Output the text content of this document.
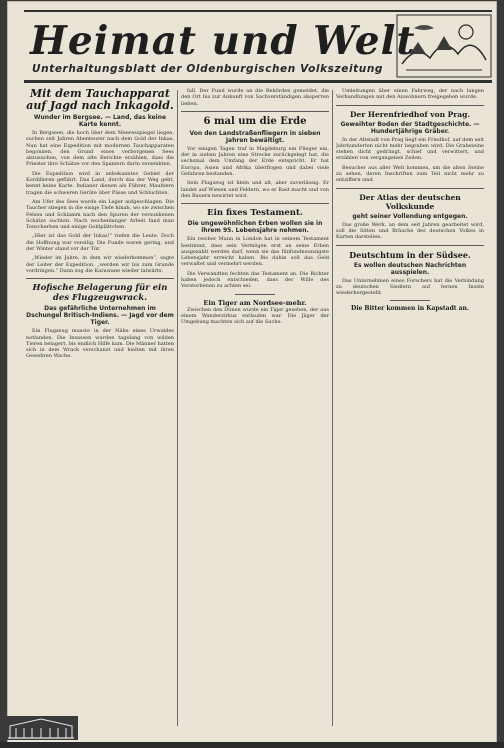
Heimat und Welt
Unterhaltungsblatt der Oldenburgischen Volkszeitung
Mit dem Tauchapparat auf Jagd nach Inkagold.
Wunder im Bergsee. — Land, das keine Karte kennt.

In Bergseen, die hoch über dem Meeresspiegel liegen, suchen seit Jahren Abenteurer nach dem Gold der Inkas. Nun hat eine Expedition mit modernen Tauchapparaten begonnen, den Grund eines verborgenen Sees abzusuchen, von dem alte Berichte erzählen, dass die Priester ihre Schätze vor den Spaniern darin versenkten.

Die Expedition wird in unbekanntes Gebiet der Kordilleren geführt. Das Land, durch das der Weg geht, kennt keine Karte. Indianer dienen als Führer, Maultiere tragen die schweren Geräte über Pässe und Schluchten.

Am Ufer des Sees wurde ein Lager aufgeschlagen. Die Taucher stiegen in die eisige Tiefe hinab, wo sie zwischen Felsen und Schlamm nach den Spuren der versunkenen Schätze suchten. Nach wochenlanger Arbeit fand man Tonscherben und einige Goldplättchen.

„Hier ist das Gold der Inkas!“ riefen die Leute. Doch die Hoffnung war voreilig. Die Funde waren gering, und der Winter stand vor der Tür.

„Wieder im Jahre, in dem wir wiederkommen“, sagte der Leiter der Expedition, „werden wir bis zum Grunde vordringen.“ Dann zog die Karawane wieder talwärts.

Hofische Belagerung für ein des Flugzeugwrack.
Das gefährliche Unternehmen im Dschungel Britisch-Indiens. — Jagd vor dem Tiger.

Ein Flugzeug musste in der Nähe eines Urwaldes notlanden. Die Insassen wurden tagelang von wilden Tieren belagert, bis endlich Hilfe kam. Die Männer hatten sich in dem Wrack verschanzt und hielten mit ihren Gewehren Wache.

fall. Der Fund wurde an die Behörden gemeldet, die den Ort bis zur Ankunft von Sachverständigen absperren ließen.

6 mal um die Erde
Von den Landstraßenfliegern in sieben Jahren bewältigt.

Vor einigen Tagen traf in Magdeburg ein Flieger ein, der in sieben Jahren eine Strecke zurückgelegt hat, die sechsmal dem Umfang der Erde entspricht. Er hat Europa, Asien und Afrika überflogen und dabei viele Gefahren bestanden.

Sein Flugzeug ist klein und alt, aber zuverlässig. Er landet auf Wiesen und Feldern, wo er Rast macht und von den Bauern bewirtet wird.

Ein fixes Testament.
Die ungewöhnlichen Erben wollen sie in ihrem 95. Lebensjahre nehmen.

Ein reicher Mann in London hat in seinem Testament bestimmt, dass sein Vermögen erst an seine Erben ausgezahlt werden darf, wenn sie das fünfundneunzigste Lebensjahr erreicht haben. Bis dahin soll das Geld verwaltet und vermehrt werden.

Die Verwandten fechten das Testament an. Die Richter haben jedoch entschieden, dass der Wille des Verstorbenen zu achten sei.

Ein Tiger am Nordsee-mehr.

Zwischen den Dünen wurde ein Tiger gesehen, der aus einem Wanderzirkus entlaufen war. Die Jäger der Umgebung machten sich auf die Suche.

Umleitungen über einen Fahrweg, der nach langen Verhandlungen mit den Anwohnern freigegeben wurde.

Der Herenfriedhof von Prag.
Geweihter Boden der Stadtgeschichte. — Hundertjährige Gräber.

In der Altstadt von Prag liegt ein Friedhof, auf dem seit Jahrhunderten nicht mehr begraben wird. Die Grabsteine stehen dicht gedrängt, schief und verwittert, und erzählen von vergangenen Zeiten.

Besucher aus aller Welt kommen, um die alten Steine zu sehen, deren Inschriften zum Teil nicht mehr zu entziffern sind.

Der Atlas der deutschen Volkskunde
geht seiner Vollendung entgegen.

Das große Werk, an dem seit Jahren gearbeitet wird, soll die Sitten und Bräuche des deutschen Volkes in Karten darstellen.

Deutschtum in der Südsee.
Es wollen deutschen Nachrichten ausspielen.

Das Unternehmen eines Forschers hat die Verbindung zu deutschen Siedlern auf fernen Inseln wiederhergestellt.

Die Bitter kommen in Kapstadt an.
